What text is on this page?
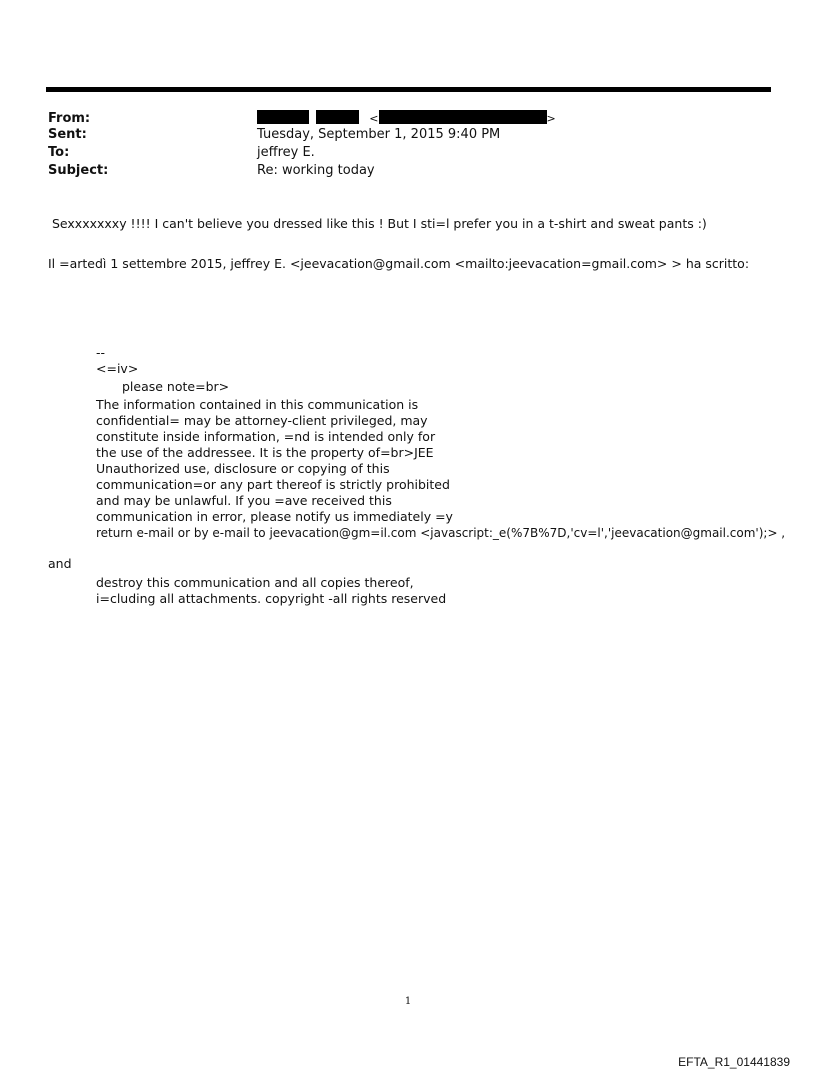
From:	<	>
Sent:	Tuesday, September 1, 2015 9:40 PM
To:	jeffrey E.
Subject:	Re: working today
Sexxxxxxxy !!!! I can't believe you dressed like this ! But I sti=l prefer you in a t-shirt and sweat pants :)
Il =artedì 1 settembre 2015, jeffrey E. <jeevacation@gmail.com <mailto:jeevacation=gmail.com> > ha scritto:
--
<=iv>
please note=br>
The information contained in this communication is
confidential= may be attorney-client privileged, may
constitute inside information, =nd is intended only for
the use of the addressee. It is the property of=br>JEE
Unauthorized use, disclosure or copying of this
communication=or any part thereof is strictly prohibited
and may be unlawful. If you =ave received this
communication in error, please notify us immediately =y
return e-mail or by e-mail to jeevacation@gm=il.com <javascript:_e(%7B%7D,'cv=l','jeevacation@gmail.com');> ,
and
destroy this communication and all copies thereof,
i=cluding all attachments. copyright -all rights reserved
1
EFTA_R1_01441839
